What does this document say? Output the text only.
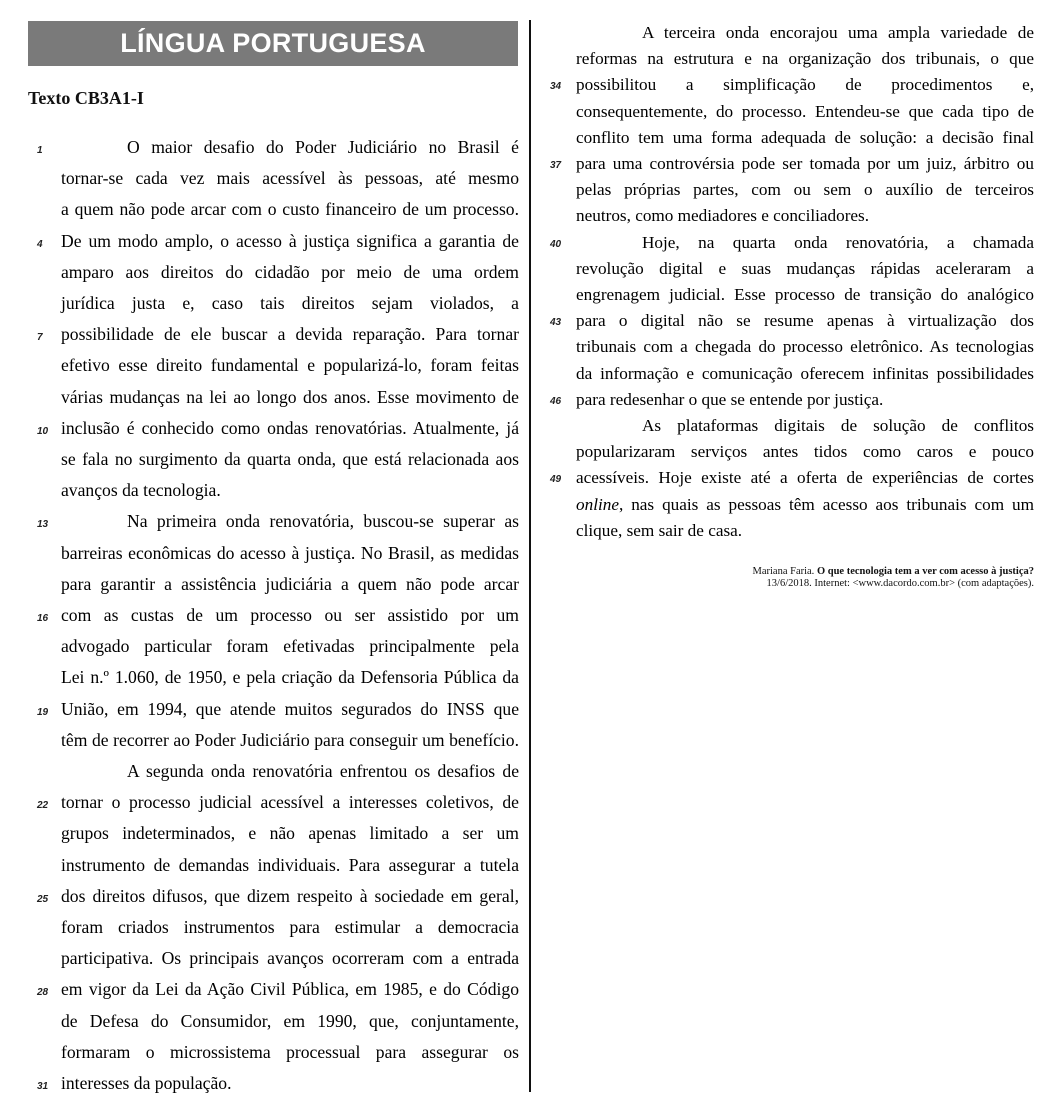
LÍNGUA PORTUGUESA
Texto CB3A1-I
1	O maior desafio do Poder Judiciário no Brasil é
tornar-se cada vez mais acessível às pessoas, até mesmo
a quem não pode arcar com o custo financeiro de um processo.
4 De um modo amplo, o acesso à justiça significa a garantia de
amparo aos direitos do cidadão por meio de uma ordem
jurídica justa e, caso tais direitos sejam violados, a
7 possibilidade de ele buscar a devida reparação. Para tornar
efetivo esse direito fundamental e popularizá-lo, foram feitas
várias mudanças na lei ao longo dos anos. Esse movimento de
10 inclusão é conhecido como ondas renovatórias. Atualmente, já
se fala no surgimento da quarta onda, que está relacionada aos
avanços da tecnologia.
13	Na primeira onda renovatória, buscou-se superar as
barreiras econômicas do acesso à justiça. No Brasil, as medidas
para garantir a assistência judiciária a quem não pode arcar
16 com as custas de um processo ou ser assistido por um
advogado particular foram efetivadas principalmente pela
Lei n.º 1.060, de 1950, e pela criação da Defensoria Pública da
19 União, em 1994, que atende muitos segurados do INSS que
têm de recorrer ao Poder Judiciário para conseguir um benefício.
A segunda onda renovatória enfrentou os desafios de
22 tornar o processo judicial acessível a interesses coletivos, de
grupos indeterminados, e não apenas limitado a ser um
instrumento de demandas individuais. Para assegurar a tutela
25 dos direitos difusos, que dizem respeito à sociedade em geral,
foram criados instrumentos para estimular a democracia
participativa. Os principais avanços ocorreram com a entrada
28 em vigor da Lei da Ação Civil Pública, em 1985, e do Código
de Defesa do Consumidor, em 1990, que, conjuntamente,
formaram o microssistema processual para assegurar os
31 interesses da população.
A terceira onda encorajou uma ampla variedade de
reformas na estrutura e na organização dos tribunais, o que
34 possibilitou a simplificação de procedimentos e,
consequentemente, do processo. Entendeu-se que cada tipo de
conflito tem uma forma adequada de solução: a decisão final
37 para uma controvérsia pode ser tomada por um juiz, árbitro ou
pelas próprias partes, com ou sem o auxílio de terceiros
neutros, como mediadores e conciliadores.
40	Hoje, na quarta onda renovatória, a chamada
revolução digital e suas mudanças rápidas aceleraram a
engrenagem judicial. Esse processo de transição do analógico
43 para o digital não se resume apenas à virtualização dos
tribunais com a chegada do processo eletrônico. As tecnologias
da informação e comunicação oferecem infinitas possibilidades
46 para redesenhar o que se entende por justiça.
As plataformas digitais de solução de conflitos
popularizaram serviços antes tidos como caros e pouco
49 acessíveis. Hoje existe até a oferta de experiências de cortes
online, nas quais as pessoas têm acesso aos tribunais com um
clique, sem sair de casa.
Mariana Faria. O que tecnologia tem a ver com acesso à justiça?
13/6/2018. Internet: <www.dacordo.com.br> (com adaptações).
